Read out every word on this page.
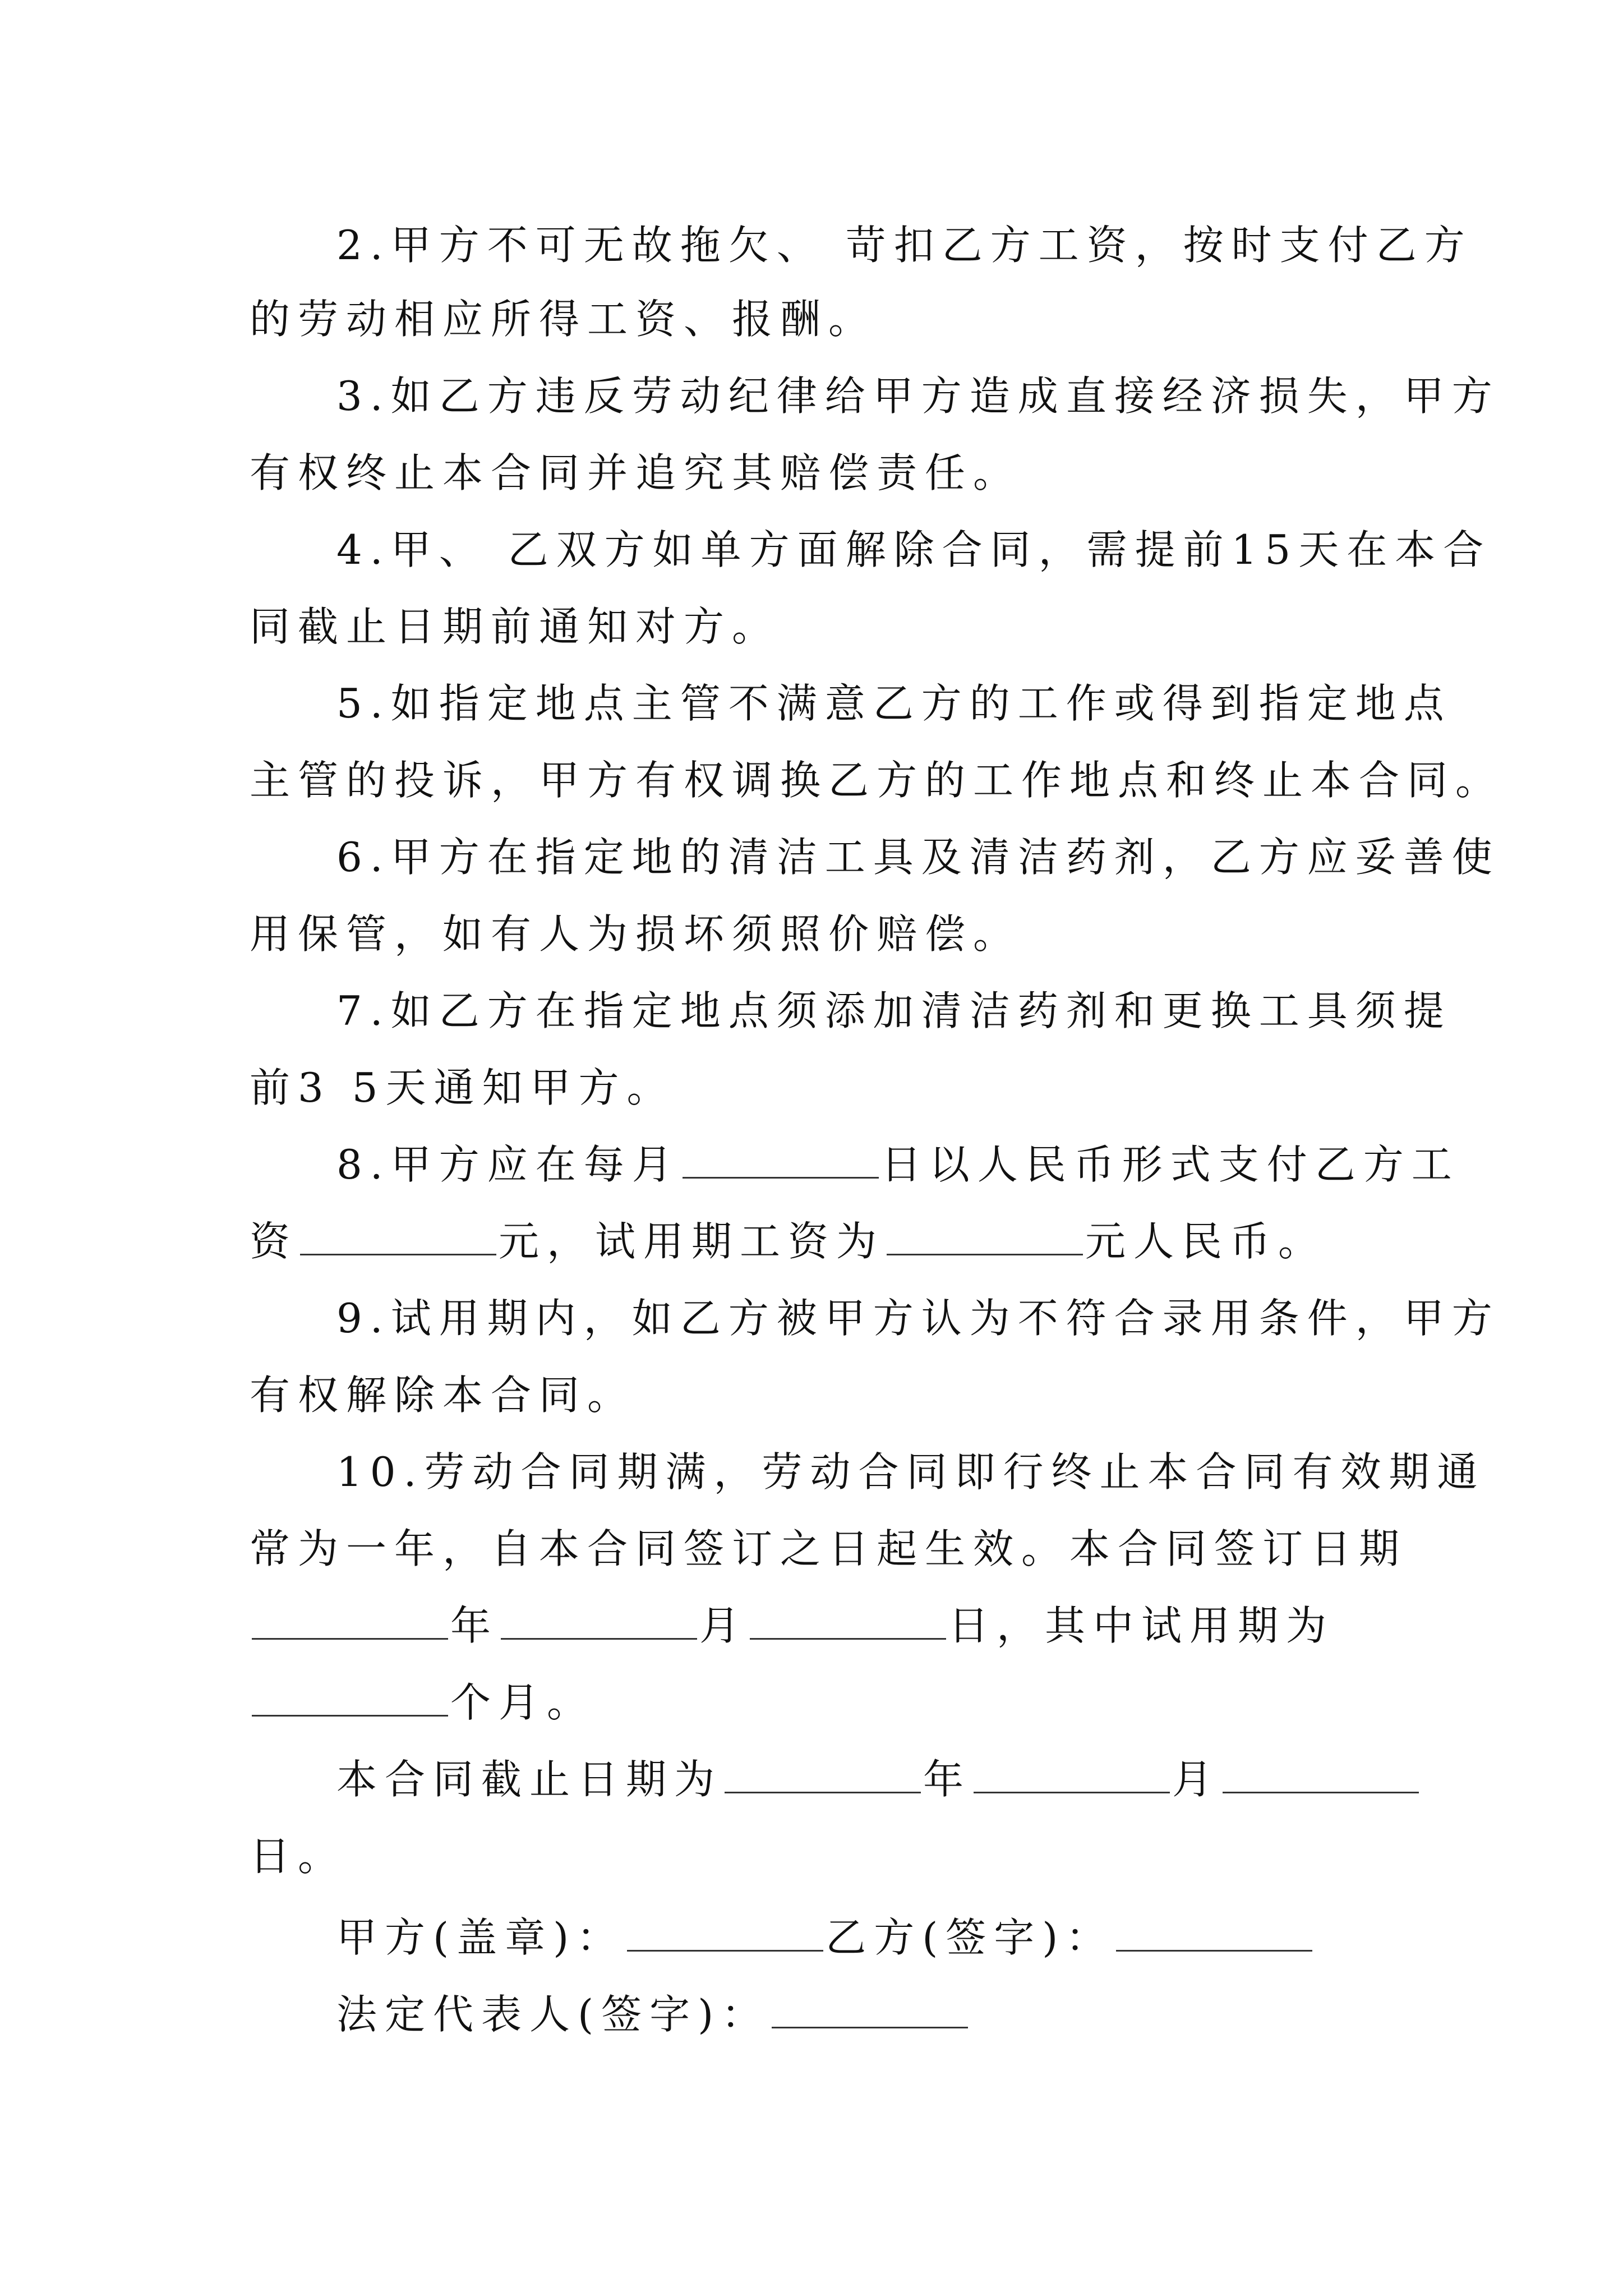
2.甲方不可无故拖欠、 苛扣乙方工资，按时支付乙方
的劳动相应所得工资、报酬。
3.如乙方违反劳动纪律给甲方造成直接经济损失，甲方
有权终止本合同并追究其赔偿责任。
4.甲、 乙双方如单方面解除合同，需提前15天在本合
同截止日期前通知对方。
5.如指定地点主管不满意乙方的工作或得到指定地点
主管的投诉，甲方有权调换乙方的工作地点和终止本合同。
6.甲方在指定地的清洁工具及清洁药剂，乙方应妥善使
用保管，如有人为损坏须照价赔偿。
7.如乙方在指定地点须添加清洁药剂和更换工具须提
前3 5天通知甲方。
8.甲方应在每月	日以人民币形式支付乙方工
资	元，试用期工资为	元人民币。
9.试用期内，如乙方被甲方认为不符合录用条件，甲方
有权解除本合同。
10.劳动合同期满，劳动合同即行终止本合同有效期通
常为一年，自本合同签订之日起生效。本合同签订日期
年	月	日，其中试用期为
个月。
本合同截止日期为	年	月
日。
甲方(盖章)：	乙方(签字)：
法定代表人(签字)：
